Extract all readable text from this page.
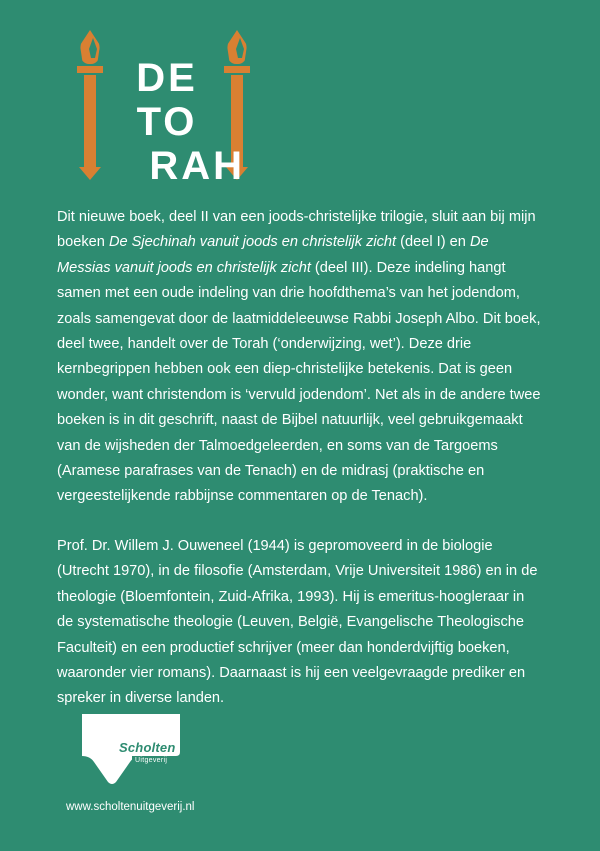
DE
TO
RAH

Dit nieuwe boek, deel II van een joods-christelijke trilogie, sluit aan bij mijn boeken De Sjechinah vanuit joods en christelijk zicht (deel I) en De Messias vanuit joods en christelijk zicht (deel III). Deze indeling hangt samen met een oude indeling van drie hoofdthema’s van het jodendom, zoals samengevat door de laatmiddeleeuwse Rabbi Joseph Albo. Dit boek, deel twee, handelt over de Torah (‘onderwijzing, wet’). Deze drie kernbegrippen hebben ook een diep-christelijke betekenis. Dat is geen wonder, want christendom is ‘vervuld jodendom’. Net als in de andere twee boeken is in dit geschrift, naast de Bijbel natuurlijk, veel gebruikgemaakt van de wijsheden der Talmoedgeleerden, en soms van de Targoems (Aramese parafrases van de Tenach) en de midrasj (praktische en vergeestelijkende rabbijnse commentaren op de Tenach).

Prof. Dr. Willem J. Ouweneel (1944) is gepromoveerd in de biologie (Utrecht 1970), in de filosofie (Amsterdam, Vrije Universiteit 1986) en in de theologie (Bloemfontein, Zuid-Afrika, 1993). Hij is emeritus-hoogleraar in de systematische theologie (Leuven, België, Evangelische Theologische Faculteit) en een productief schrijver (meer dan honderdvijftig boeken, waaronder vier romans). Daarnaast is hij een veelgevraagde prediker en spreker in diverse landen.

Scholten
Uitgeverij
www.scholtenuitgeverij.nl
